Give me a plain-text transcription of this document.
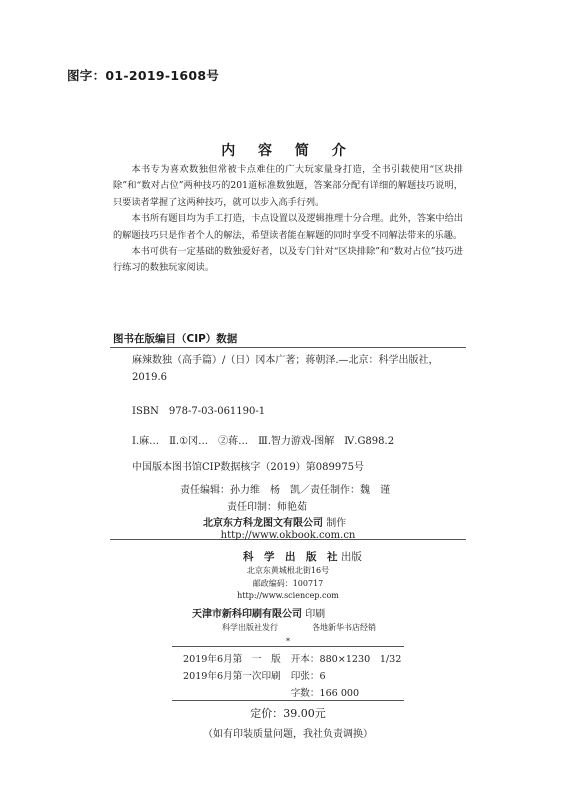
图字：01-2019-1608号
内 容 简 介

本书专为喜欢数独但常被卡点难住的广大玩家量身打造，全书引载使用“区块排除”和“数对占位”两种技巧的201道标准数独题，答案部分配有详细的解题技巧说明，只要读者掌握了这两种技巧，就可以步入高手行列。

本书所有题目均为手工打造，卡点设置以及逻辑推理十分合理。此外，答案中给出的解题技巧只是作者个人的解法，希望读者能在解题的同时享受不同解法带来的乐趣。

本书可供有一定基础的数独爱好者，以及专门针对“区块排除”和“数对占位”技巧进行练习的数独玩家阅读。

图书在版编目（CIP）数据
麻辣数独（高手篇）/（日）冈本广著；蒋朝泽.—北京：科学出版社，2019.6
ISBN　978-7-03-061190-1
Ⅰ.麻…　Ⅱ.①冈…　②蒋…　Ⅲ.智力游戏-图解　Ⅳ.G898.2
中国版本图书馆CIP数据核字（2019）第089975号
责任编辑：孙力维　杨　凯／责任制作：魏　谨
责任印制：师艳茹
北京东方科龙图文有限公司 制作
http://www.okbook.com.cn
科　学　出　版　社 出版
北京东黄城根北街16号
邮政编码：100717
http://www.sciencep.com
天津市新科印刷有限公司 印刷
科学出版社发行	各地新华书店经销
*
2019年6月第　一　版	开本：880×1230　1/32
2019年6月第一次印刷	印张：6
	字数：166 000
定价：39.00元
（如有印装质量问题，我社负责调换）
